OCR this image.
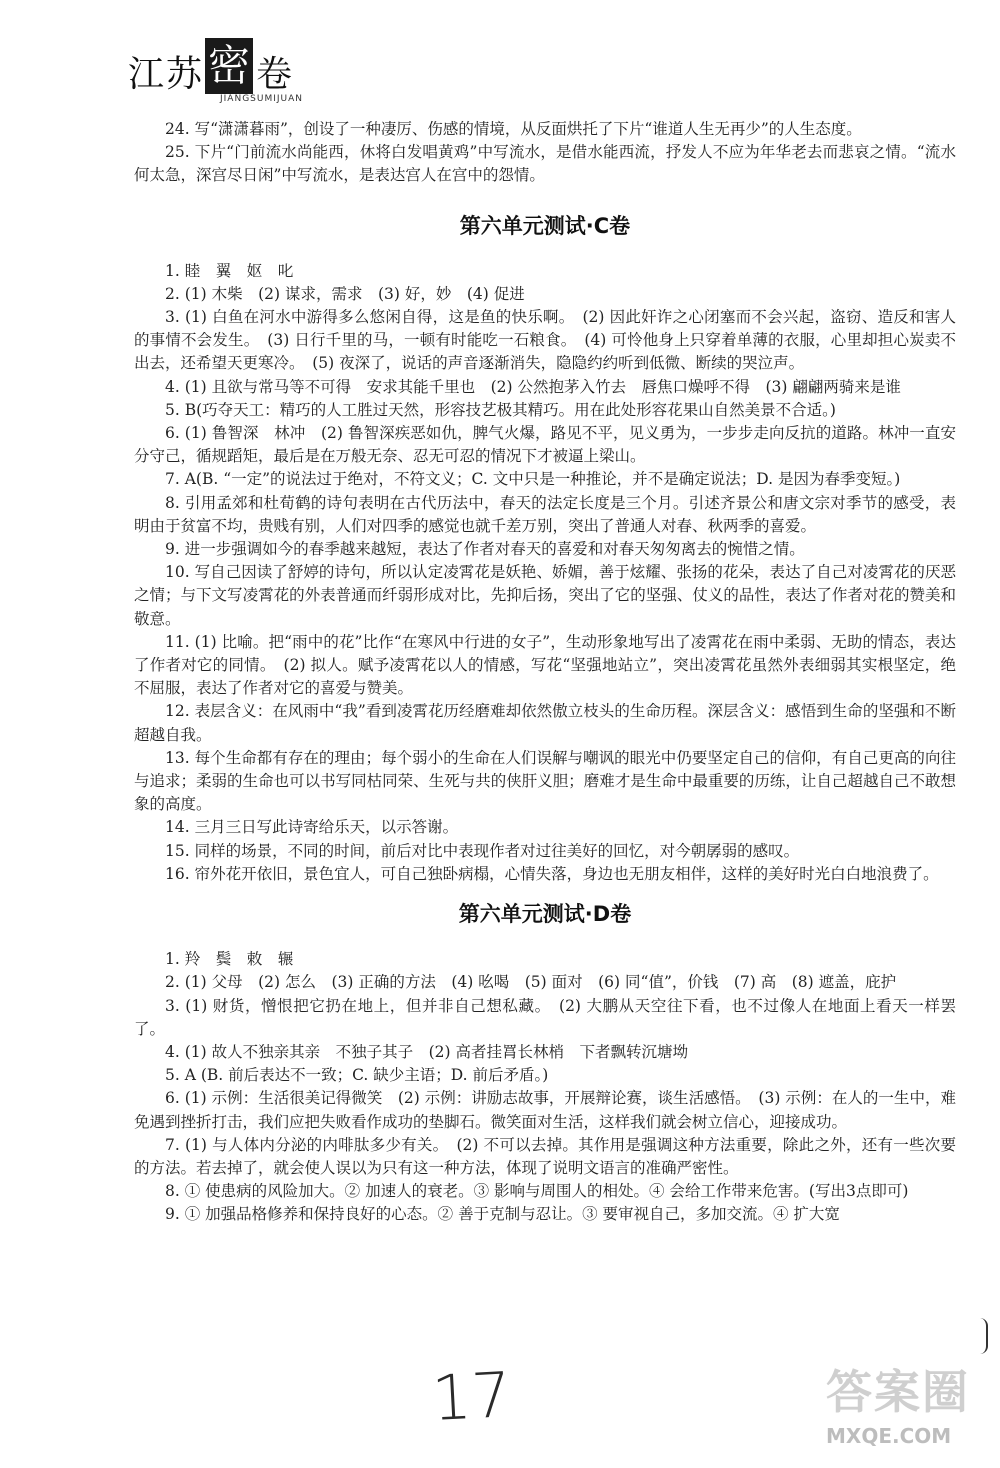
江苏 密 卷
JIANGSUMIJUAN

24. 写“潇潇暮雨”，创设了一种凄厉、伤感的情境，从反面烘托了下片“谁道人生无再少”的人生态度。

25. 下片“门前流水尚能西，休将白发唱黄鸡”中写流水，是借水能西流，抒发人不应为年华老去而悲哀之情。“流水何太急，深宫尽日闲”中写流水，是表达宫人在宫中的怨情。

第六单元测试·C卷

1. 睦　翼　妪　叱

2. (1) 木柴　(2) 谋求，需求　(3) 好，妙　(4) 促进

3. (1) 白鱼在河水中游得多么悠闲自得，这是鱼的快乐啊。　(2) 因此奸诈之心闭塞而不会兴起，盗窃、造反和害人的事情不会发生。　(3) 日行千里的马，一顿有时能吃一石粮食。　(4) 可怜他身上只穿着单薄的衣服，心里却担心炭卖不出去，还希望天更寒冷。　(5) 夜深了，说话的声音逐渐消失，隐隐约约听到低微、断续的哭泣声。

4. (1) 且欲与常马等不可得　安求其能千里也　(2) 公然抱茅入竹去　唇焦口燥呼不得　(3) 翩翩两骑来是谁

5. B(巧夺天工：精巧的人工胜过天然，形容技艺极其精巧。用在此处形容花果山自然美景不合适。)

6. (1) 鲁智深　林冲　(2) 鲁智深疾恶如仇，脾气火爆，路见不平，见义勇为，一步步走向反抗的道路。林冲一直安分守己，循规蹈矩，最后是在万般无奈、忍无可忍的情况下才被逼上梁山。

7. A(B. “一定”的说法过于绝对，不符文义；C. 文中只是一种推论，并不是确定说法；D. 是因为春季变短。)

8. 引用孟郊和杜荀鹤的诗句表明在古代历法中，春天的法定长度是三个月。引述齐景公和唐文宗对季节的感受，表明由于贫富不均，贵贱有别，人们对四季的感觉也就千差万别，突出了普通人对春、秋两季的喜爱。

9. 进一步强调如今的春季越来越短，表达了作者对春天的喜爱和对春天匆匆离去的惋惜之情。

10. 写自己因读了舒婷的诗句，所以认定凌霄花是妖艳、娇媚，善于炫耀、张扬的花朵，表达了自己对凌霄花的厌恶之情；与下文写凌霄花的外表普通而纤弱形成对比，先抑后扬，突出了它的坚强、仗义的品性，表达了作者对花的赞美和敬意。

11. (1) 比喻。把“雨中的花”比作“在寒风中行进的女子”，生动形象地写出了凌霄花在雨中柔弱、无助的情态，表达了作者对它的同情。　(2) 拟人。赋予凌霄花以人的情感，写花“坚强地站立”，突出凌霄花虽然外表细弱其实根坚定，绝不屈服，表达了作者对它的喜爱与赞美。

12. 表层含义：在风雨中“我”看到凌霄花历经磨难却依然傲立枝头的生命历程。深层含义：感悟到生命的坚强和不断超越自我。

13. 每个生命都有存在的理由；每个弱小的生命在人们误解与嘲讽的眼光中仍要坚定自己的信仰，有自己更高的向往与追求；柔弱的生命也可以书写同枯同荣、生死与共的侠肝义胆；磨难才是生命中最重要的历练，让自己超越自己不敢想象的高度。

14. 三月三日写此诗寄给乐天，以示答谢。

15. 同样的场景，不同的时间，前后对比中表现作者对过往美好的回忆，对今朝孱弱的感叹。

16. 帘外花开依旧，景色宜人，可自己独卧病榻，心情失落，身边也无朋友相伴，这样的美好时光白白地浪费了。

第六单元测试·D卷

1. 羚　鬓　敕　辗

2. (1) 父母　(2) 怎么　(3) 正确的方法　(4) 吆喝　(5) 面对　(6) 同“值”，价钱　(7) 高　(8) 遮盖，庇护

3. (1) 财货，憎恨把它扔在地上，但并非自己想私藏。　(2) 大鹏从天空往下看，也不过像人在地面上看天一样罢了。

4. (1) 故人不独亲其亲　不独子其子　(2) 高者挂罥长林梢　下者飘转沉塘坳

5. A (B. 前后表达不一致；C. 缺少主语；D. 前后矛盾。)

6. (1) 示例：生活很美记得微笑　(2) 示例：讲励志故事，开展辩论赛，谈生活感悟。　(3) 示例：在人的一生中，难免遇到挫折打击，我们应把失败看作成功的垫脚石。微笑面对生活，这样我们就会树立信心，迎接成功。

7. (1) 与人体内分泌的内啡肽多少有关。　(2) 不可以去掉。其作用是强调这种方法重要，除此之外，还有一些次要的方法。若去掉了，就会使人误以为只有这一种方法，体现了说明文语言的准确严密性。

8. ① 使患病的风险加大。② 加速人的衰老。③ 影响与周围人的相处。④ 会给工作带来危害。(写出3点即可)

9. ① 加强品格修养和保持良好的心态。② 善于克制与忍让。③ 要审视自己，多加交流。④ 扩大宽

17	答案圈
MXQE.COM
